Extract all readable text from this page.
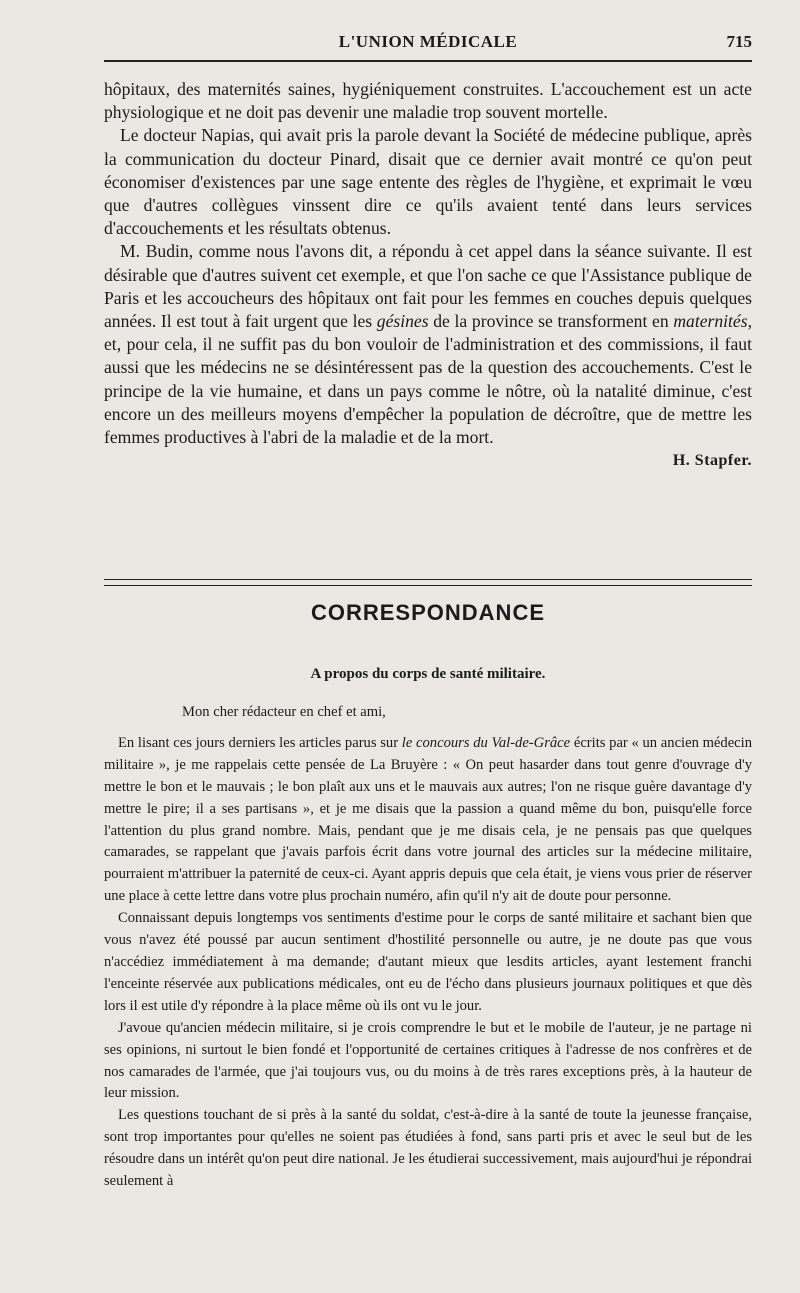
L'UNION MÉDICALE	715

hôpitaux, des maternités saines, hygiéniquement construites. L'accouchement est un acte physiologique et ne doit pas devenir une maladie trop souvent mortelle.

Le docteur Napias, qui avait pris la parole devant la Société de médecine publique, après la communication du docteur Pinard, disait que ce dernier avait montré ce qu'on peut économiser d'existences par une sage entente des règles de l'hygiène, et exprimait le vœu que d'autres collègues vinssent dire ce qu'ils avaient tenté dans leurs services d'accouchements et les résultats obtenus.

M. Budin, comme nous l'avons dit, a répondu à cet appel dans la séance suivante. Il est désirable que d'autres suivent cet exemple, et que l'on sache ce que l'Assistance publique de Paris et les accoucheurs des hôpitaux ont fait pour les femmes en couches depuis quelques années. Il est tout à fait urgent que les gésines de la province se transforment en maternités, et, pour cela, il ne suffit pas du bon vouloir de l'administration et des commissions, il faut aussi que les médecins ne se désintéressent pas de la question des accouchements. C'est le principe de la vie humaine, et dans un pays comme le nôtre, où la natalité diminue, c'est encore un des meilleurs moyens d'empêcher la population de décroître, que de mettre les femmes productives à l'abri de la maladie et de la mort.

H. Stapfer.
CORRESPONDANCE
A propos du corps de santé militaire.

Mon cher rédacteur en chef et ami,

En lisant ces jours derniers les articles parus sur le concours du Val-de-Grâce écrits par « un ancien médecin militaire », je me rappelais cette pensée de La Bruyère : « On peut hasarder dans tout genre d'ouvrage d'y mettre le bon et le mauvais ; le bon plaît aux uns et le mauvais aux autres; l'on ne risque guère davantage d'y mettre le pire; il a ses partisans », et je me disais que la passion a quand même du bon, puisqu'elle force l'attention du plus grand nombre. Mais, pendant que je me disais cela, je ne pensais pas que quelques camarades, se rappelant que j'avais parfois écrit dans votre journal des articles sur la médecine militaire, pourraient m'attribuer la paternité de ceux-ci. Ayant appris depuis que cela était, je viens vous prier de réserver une place à cette lettre dans votre plus prochain numéro, afin qu'il n'y ait de doute pour personne.

Connaissant depuis longtemps vos sentiments d'estime pour le corps de santé militaire et sachant bien que vous n'avez été poussé par aucun sentiment d'hostilité personnelle ou autre, je ne doute pas que vous n'accédiez immédiatement à ma demande; d'autant mieux que lesdits articles, ayant lestement franchi l'enceinte réservée aux publications médicales, ont eu de l'écho dans plusieurs journaux politiques et que dès lors il est utile d'y répondre à la place même où ils ont vu le jour.

J'avoue qu'ancien médecin militaire, si je crois comprendre le but et le mobile de l'auteur, je ne partage ni ses opinions, ni surtout le bien fondé et l'opportunité de certaines critiques à l'adresse de nos confrères et de nos camarades de l'armée, que j'ai toujours vus, ou du moins à de très rares exceptions près, à la hauteur de leur mission.

Les questions touchant de si près à la santé du soldat, c'est-à-dire à la santé de toute la jeunesse française, sont trop importantes pour qu'elles ne soient pas étudiées à fond, sans parti pris et avec le seul but de les résoudre dans un intérêt qu'on peut dire national. Je les étudierai successivement, mais aujourd'hui je répondrai seulement à
